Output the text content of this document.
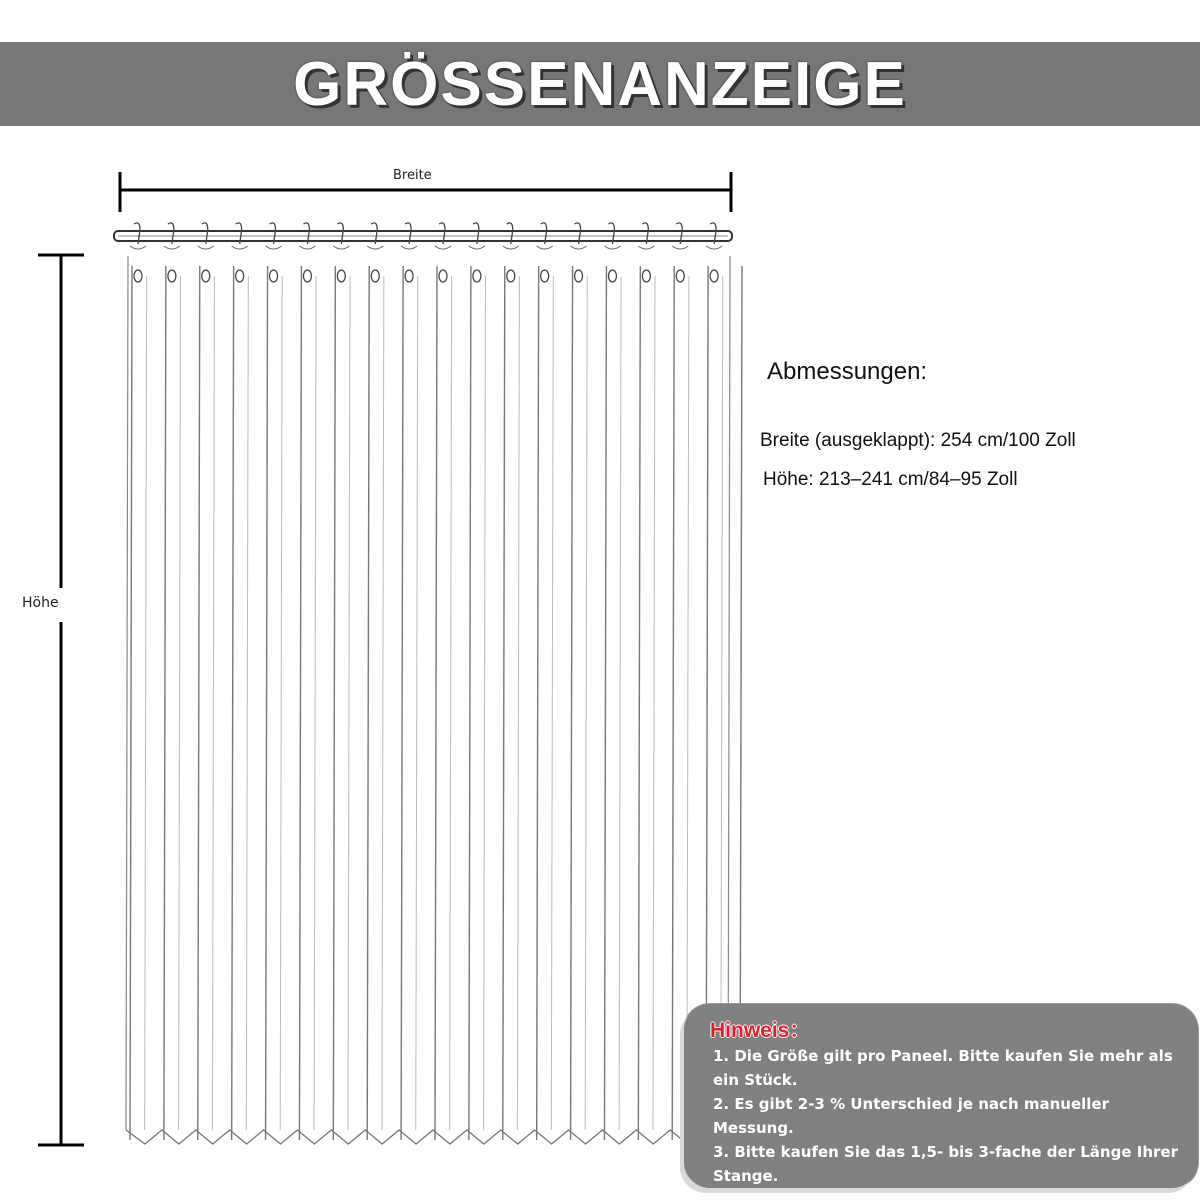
GRÖSSENANZEIGE
Breite
Höhe
Abmessungen:
Breite (ausgeklappt): 254 cm/100 Zoll
Höhe: 213–241 cm/84–95 Zoll
Hinweis：
1. Die Größe gilt pro Paneel. Bitte kaufen Sie mehr als
ein Stück.
2. Es gibt 2-3 % Unterschied je nach manueller Messung.
3. Bitte kaufen Sie das 1,5- bis 3-fache der Länge Ihrer
Stange.
